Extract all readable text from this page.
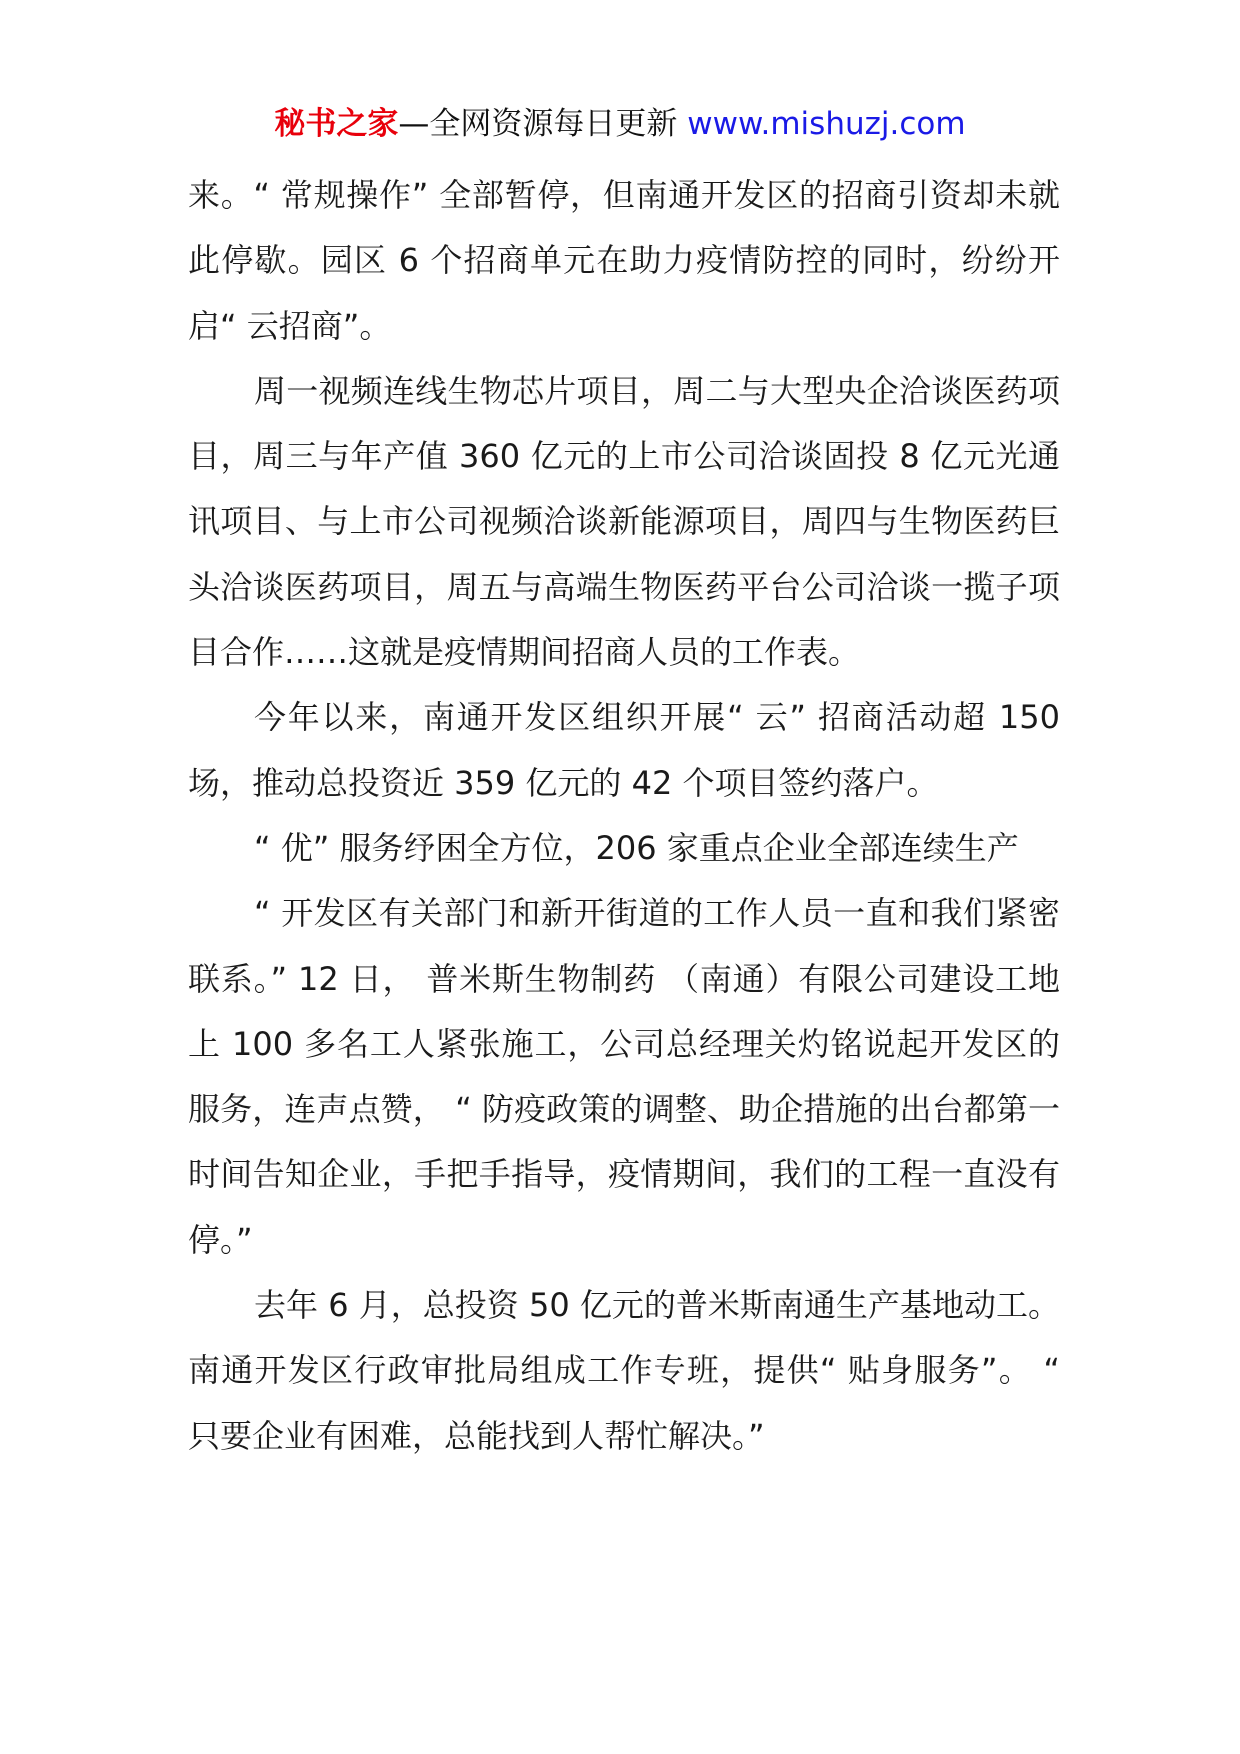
秘书之家—全网资源每日更新 www.mishuzj.com

来。“ 常规操作” 全部暂停，但南通开发区的招商引资却未就此停歇。园区 6 个招商单元在助力疫情防控的同时，纷纷开启“ 云招商”。

周一视频连线生物芯片项目，周二与大型央企洽谈医药项目，周三与年产值 360 亿元的上市公司洽谈固投 8 亿元光通讯项目、与上市公司视频洽谈新能源项目，周四与生物医药巨头洽谈医药项目，周五与高端生物医药平台公司洽谈一揽子项目合作……这就是疫情期间招商人员的工作表。

今年以来，南通开发区组织开展“ 云” 招商活动超 150 场，推动总投资近 359 亿元的 42 个项目签约落户。

“ 优” 服务纾困全方位，206 家重点企业全部连续生产

“ 开发区有关部门和新开街道的工作人员一直和我们紧密联系。” 12 日， 普米斯生物制药 （南通）有限公司建设工地上 100 多名工人紧张施工，公司总经理关灼铭说起开发区的服务，连声点赞， “ 防疫政策的调整、助企措施的出台都第一时间告知企业，手把手指导，疫情期间，我们的工程一直没有停。”

去年 6 月，总投资 50 亿元的普米斯南通生产基地动工。南通开发区行政审批局组成工作专班，提供“ 贴身服务”。 “ 只要企业有困难，总能找到人帮忙解决。”
